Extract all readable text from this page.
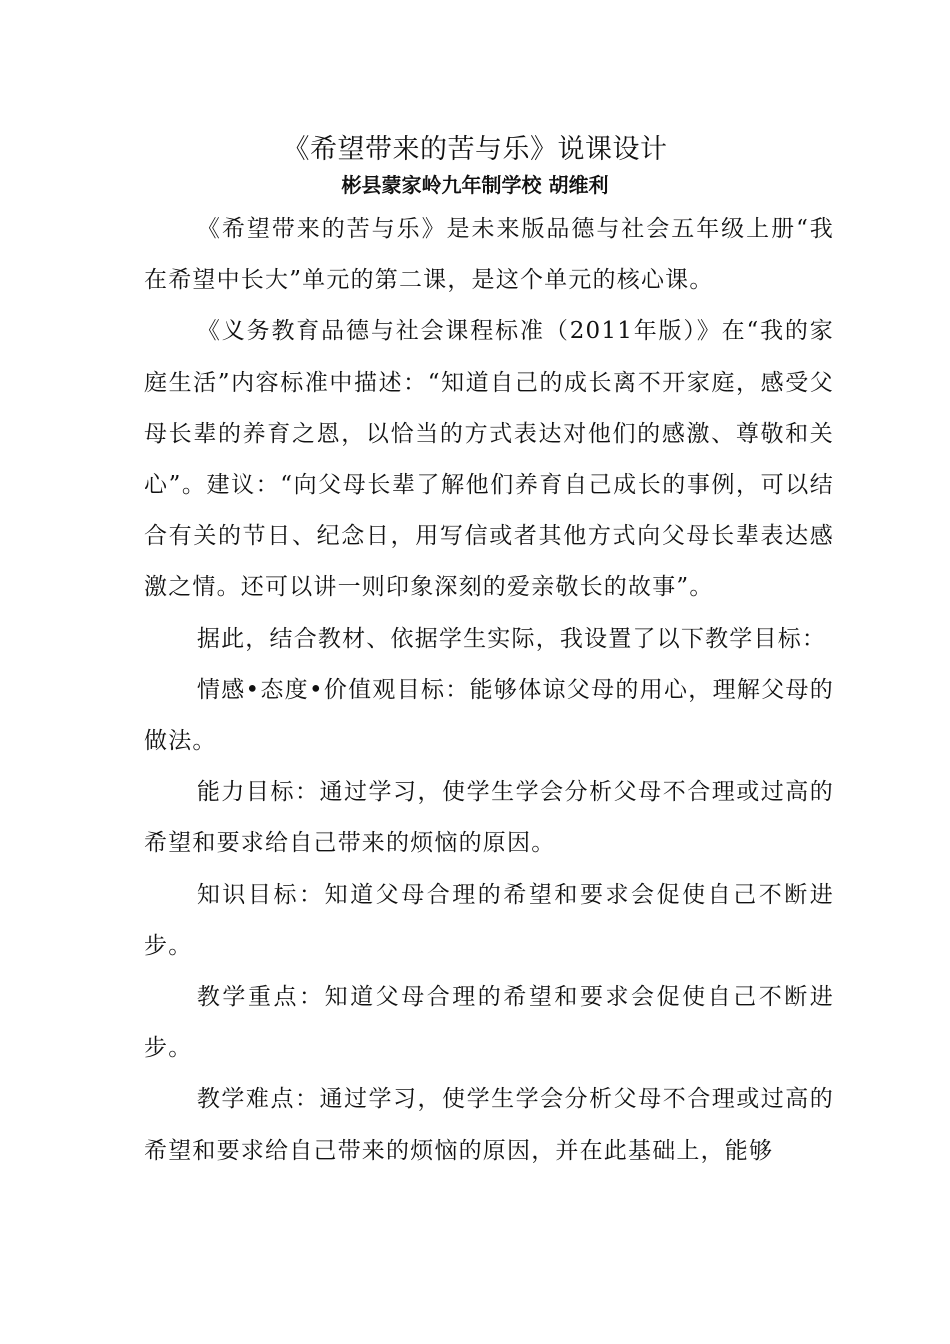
《希望带来的苦与乐》说课设计
彬县蒙家岭九年制学校 胡维利

《希望带来的苦与乐》是未来版品德与社会五年级上册“我在希望中长大”单元的第二课，是这个单元的核心课。

《义务教育品德与社会课程标准（2011年版）》在“我的家庭生活”内容标准中描述：“知道自己的成长离不开家庭，感受父母长辈的养育之恩，以恰当的方式表达对他们的感激、尊敬和关心”。建议：“向父母长辈了解他们养育自己成长的事例，可以结合有关的节日、纪念日，用写信或者其他方式向父母长辈表达感激之情。还可以讲一则印象深刻的爱亲敬长的故事”。

据此，结合教材、依据学生实际，我设置了以下教学目标：

情感•态度•价值观目标：能够体谅父母的用心，理解父母的做法。

能力目标：通过学习，使学生学会分析父母不合理或过高的希望和要求给自己带来的烦恼的原因。

知识目标：知道父母合理的希望和要求会促使自己不断进步。

教学重点：知道父母合理的希望和要求会促使自己不断进步。

教学难点：通过学习，使学生学会分析父母不合理或过高的希望和要求给自己带来的烦恼的原因，并在此基础上，能够
